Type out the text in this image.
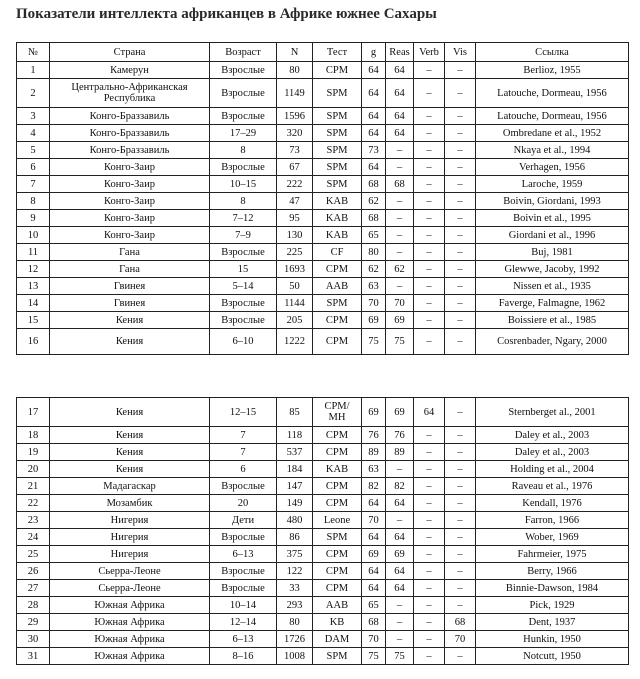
Показатели интеллекта африканцев в Африке южнее Сахары
№	Страна	Возраст	N	Тест	g	Reas	Verb	Vis	Ссылка
1	Камерун	Взрослые	80	CPM	64	64	–	–	Berlioz, 1955
2	Центрально-Африканская Республика	Взрослые	1149	SPM	64	64	–	–	Latouche, Dormeau, 1956
3	Конго-Браззавиль	Взрослые	1596	SPM	64	64	–	–	Latouche, Dormeau, 1956
4	Конго-Браззавиль	17–29	320	SPM	64	64	–	–	Ombredane et al., 1952
5	Конго-Браззавиль	8	73	SPM	73	–	–	–	Nkaya et al., 1994
6	Конго-Заир	Взрослые	67	SPM	64	–	–	–	Verhagen, 1956
7	Конго-Заир	10–15	222	SPM	68	68	–	–	Laroche, 1959
8	Конго-Заир	8	47	KAB	62	–	–	–	Boivin, Giordani, 1993
9	Конго-Заир	7–12	95	KAB	68	–	–	–	Boivin et al., 1995
10	Конго-Заир	7–9	130	KAB	65	–	–	–	Giordani et al., 1996
11	Гана	Взрослые	225	CF	80	–	–	–	Buj, 1981
12	Гана	15	1693	CPM	62	62	–	–	Glewwe, Jacoby, 1992
13	Гвинея	5–14	50	AAB	63	–	–	–	Nissen et al., 1935
14	Гвинея	Взрослые	1144	SPM	70	70	–	–	Faverge, Falmagne, 1962
15	Кения	Взрослые	205	CPM	69	69	–	–	Boissiere et al., 1985
16	Кения	6–10	1222	CPM	75	75	–	–	Cosrenbader, Ngary, 2000
17	Кения	12–15	85	CPM/ MH	69	69	64	–	Sternberget al., 2001
18	Кения	7	118	CPM	76	76	–	–	Daley et al., 2003
19	Кения	7	537	CPM	89	89	–	–	Daley et al., 2003
20	Кения	6	184	KAB	63	–	–	–	Holding et al., 2004
21	Мадагаскар	Взрослые	147	CPM	82	82	–	–	Raveau et al., 1976
22	Мозамбик	20	149	CPM	64	64	–	–	Kendall, 1976
23	Нигерия	Дети	480	Leone	70	–	–	–	Farron, 1966
24	Нигерия	Взрослые	86	SPM	64	64	–	–	Wober, 1969
25	Нигерия	6–13	375	CPM	69	69	–	–	Fahrmeier, 1975
26	Сьерра-Леоне	Взрослые	122	CPM	64	64	–	–	Berry, 1966
27	Сьерра-Леоне	Взрослые	33	CPM	64	64	–	–	Binnie-Dawson, 1984
28	Южная Африка	10–14	293	AAB	65	–	–	–	Pick, 1929
29	Южная Африка	12–14	80	KB	68	–	–	68	Dent, 1937
30	Южная Африка	6–13	1726	DAM	70	–	–	70	Hunkin, 1950
31	Южная Африка	8–16	1008	SPM	75	75	–	–	Notcutt, 1950
